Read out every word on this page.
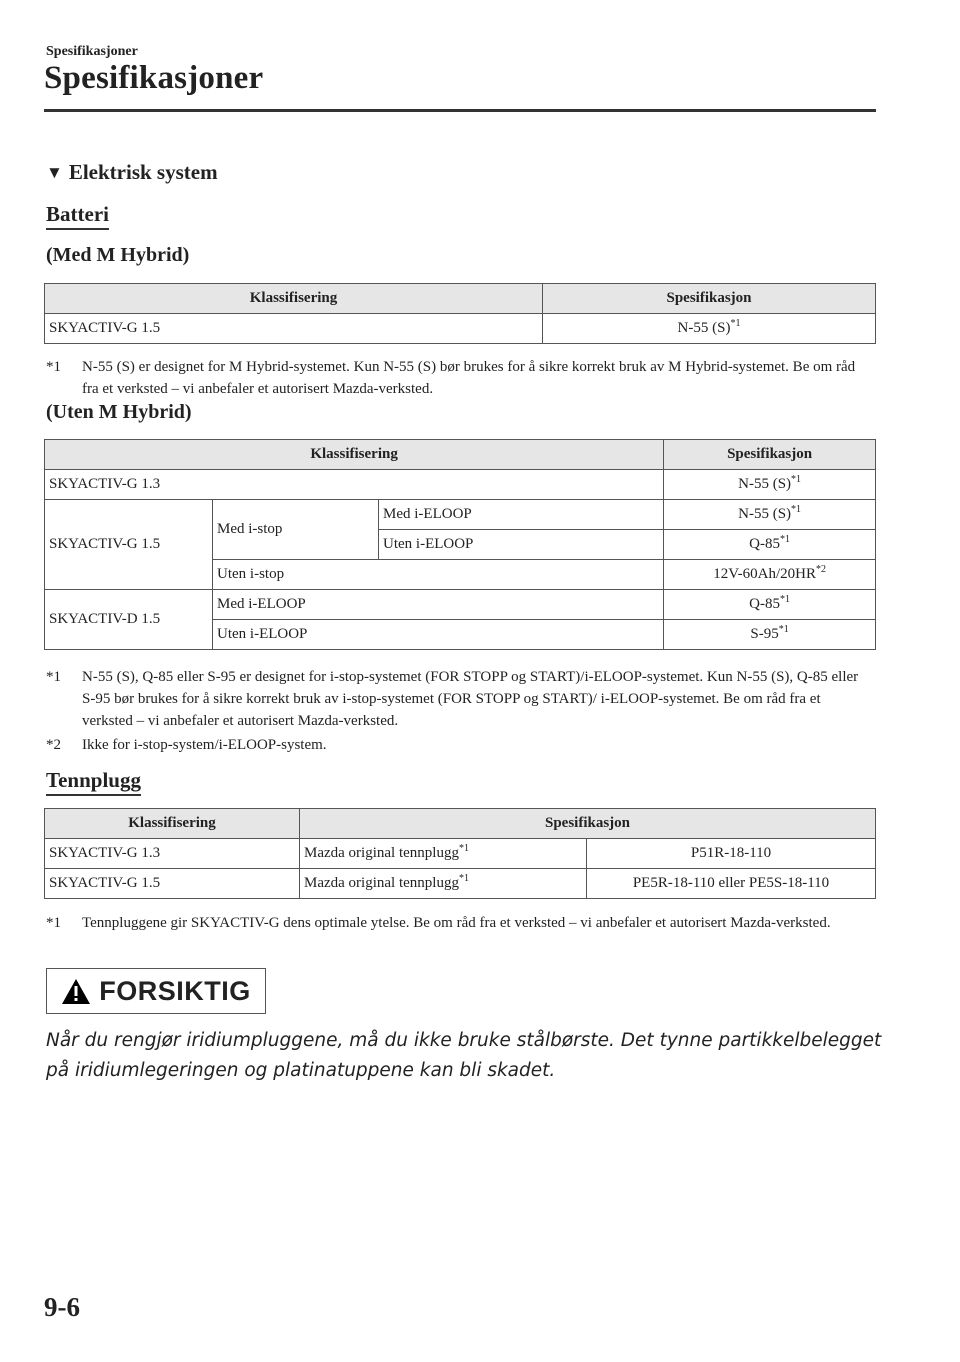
Spesifikasjoner
Spesifikasjoner
▼ Elektrisk system
Batteri
(Med M Hybrid)
Klassifisering	Spesifikasjon
SKYACTIV-G 1.5	N-55 $(S)^{*1}$
*1 N-55 (S) er designet for M Hybrid-systemet. Kun N-55 (S) bør brukes for å sikre korrekt bruk av M Hybrid-systemet. Be om råd fra et verksted – vi anbefaler et autorisert Mazda-verksted.
(Uten M Hybrid)
Klassifisering			Spesifikasjon
SKYACTIV-G 1.3			N-55 $(S)^{*1}$
SKYACTIV-G 1.5	Med i-stop	Med i-ELOOP	N-55 $(S)^{*1}$
		Uten i-ELOOP	Q-85$^{*1}$
	Uten i-stop		12V-60Ah/20HR$^{*2}$
SKYACTIV-D 1.5	Med i-ELOOP		Q-85$^{*1}$
	Uten i-ELOOP		S-95$^{*1}$
*1 N-55 (S), Q-85 eller S-95 er designet for i-stop-systemet (FOR STOPP og START)/i-ELOOP-systemet. Kun N-55 (S), Q-85 eller S-95 bør brukes for å sikre korrekt bruk av i-stop-systemet (FOR STOPP og START)/ i-ELOOP-systemet. Be om råd fra et verksted – vi anbefaler et autorisert Mazda-verksted.
*2 Ikke for i-stop-system/i-ELOOP-system.
Tennplugg
Klassifisering	Spesifikasjon	
SKYACTIV-G 1.3	Mazda original tennplugg$^{*1}$	P51R-18-110
SKYACTIV-G 1.5	Mazda original tennplugg$^{*1}$	PE5R-18-110 eller PE5S-18-110
*1 Tennpluggene gir SKYACTIV-G dens optimale ytelse. Be om råd fra et verksted – vi anbefaler et autorisert Mazda-verksted.
FORSIKTIG
Når du rengjør iridiumpluggene, må du ikke bruke stålbørste. Det tynne partikkelbelegget på iridiumlegeringen og platinatuppene kan bli skadet.
9-6
